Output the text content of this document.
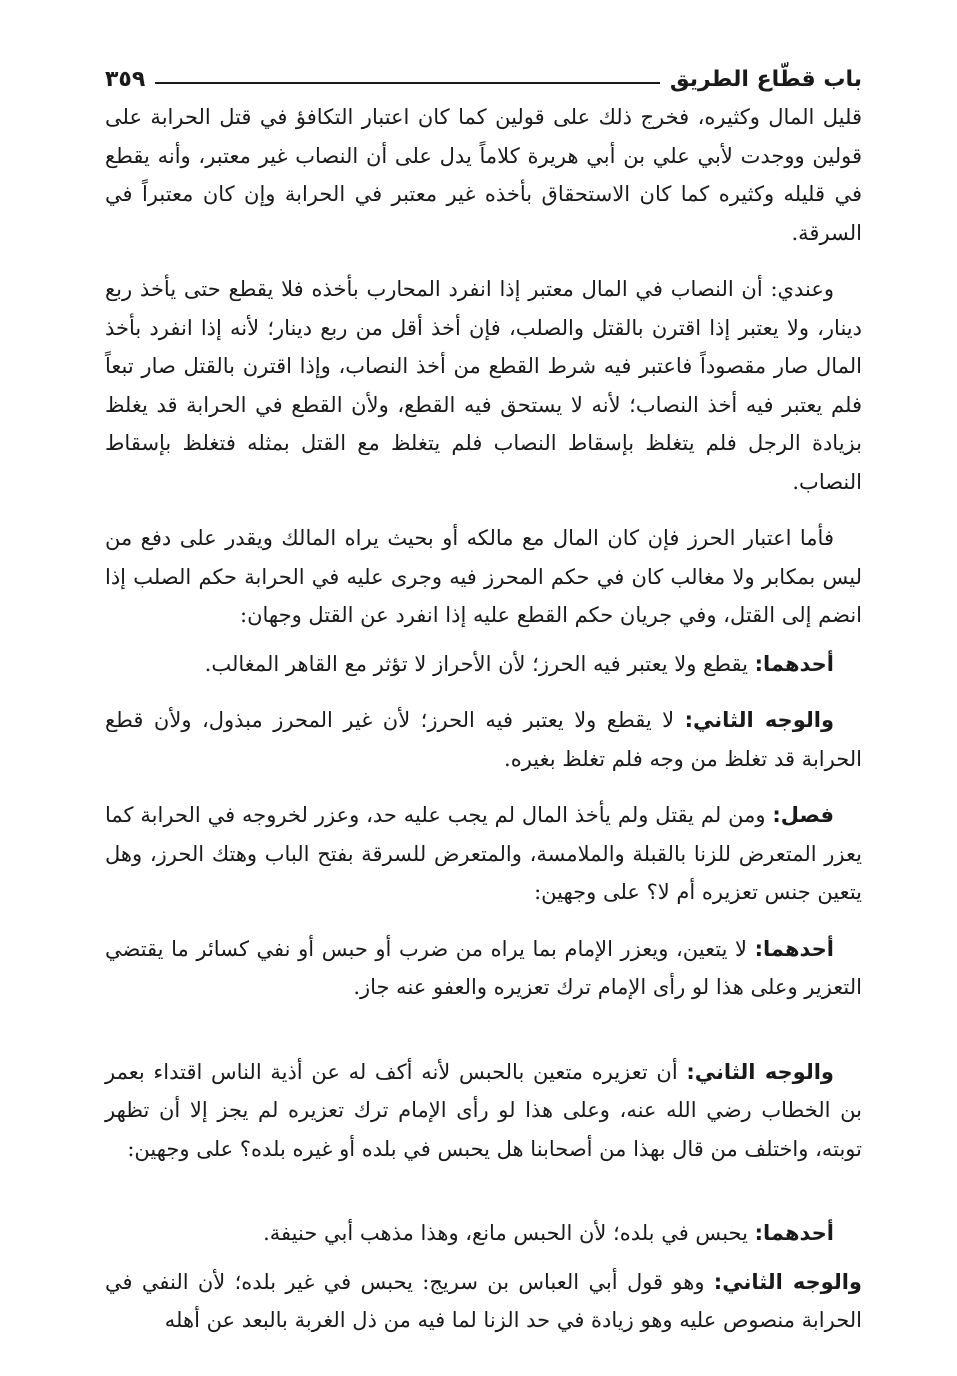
باب قطّاع الطريق
٣٥٩

قليل المال وكثيره، فخرج ذلك على قولين كما كان اعتبار التكافؤ في قتل الحرابة على قولين ووجدت لأبي علي بن أبي هريرة كلاماً يدل على أن النصاب غير معتبر، وأنه يقطع في قليله وكثيره كما كان الاستحقاق بأخذه غير معتبر في الحرابة وإن كان معتبراً في السرقة.

وعندي: أن النصاب في المال معتبر إذا انفرد المحارب بأخذه فلا يقطع حتى يأخذ ربع دينار، ولا يعتبر إذا اقترن بالقتل والصلب، فإن أخذ أقل من ربع دينار؛ لأنه إذا انفرد بأخذ المال صار مقصوداً فاعتبر فيه شرط القطع من أخذ النصاب، وإذا اقترن بالقتل صار تبعاً فلم يعتبر فيه أخذ النصاب؛ لأنه لا يستحق فيه القطع، ولأن القطع في الحرابة قد يغلظ بزيادة الرجل فلم يتغلظ بإسقاط النصاب فلم يتغلظ مع القتل بمثله فتغلظ بإسقاط النصاب.

فأما اعتبار الحرز فإن كان المال مع مالكه أو بحيث يراه المالك ويقدر على دفع من ليس بمكابر ولا مغالب كان في حكم المحرز فيه وجرى عليه في الحرابة حكم الصلب إذا انضم إلى القتل، وفي جريان حكم القطع عليه إذا انفرد عن القتل وجهان:

أحدهما: يقطع ولا يعتبر فيه الحرز؛ لأن الأحراز لا تؤثر مع القاهر المغالب.

والوجه الثاني: لا يقطع ولا يعتبر فيه الحرز؛ لأن غير المحرز مبذول، ولأن قطع الحرابة قد تغلظ من وجه فلم تغلظ بغيره.

فصل: ومن لم يقتل ولم يأخذ المال لم يجب عليه حد، وعزر لخروجه في الحرابة كما يعزر المتعرض للزنا بالقبلة والملامسة، والمتعرض للسرقة بفتح الباب وهتك الحرز، وهل يتعين جنس تعزيره أم لا؟ على وجهين:

أحدهما: لا يتعين، ويعزر الإمام بما يراه من ضرب أو حبس أو نفي كسائر ما يقتضي التعزير وعلى هذا لو رأى الإمام ترك تعزيره والعفو عنه جاز.

والوجه الثاني: أن تعزيره متعين بالحبس لأنه أكف له عن أذية الناس اقتداء بعمر بن الخطاب رضي الله عنه، وعلى هذا لو رأى الإمام ترك تعزيره لم يجز إلا أن تظهر توبته، واختلف من قال بهذا من أصحابنا هل يحبس في بلده أو غيره بلده؟ على وجهين:

أحدهما: يحبس في بلده؛ لأن الحبس مانع، وهذا مذهب أبي حنيفة.

والوجه الثاني: وهو قول أبي العباس بن سريج: يحبس في غير بلده؛ لأن النفي في الحرابة منصوص عليه وهو زيادة في حد الزنا لما فيه من ذل الغربة بالبعد عن أهله
